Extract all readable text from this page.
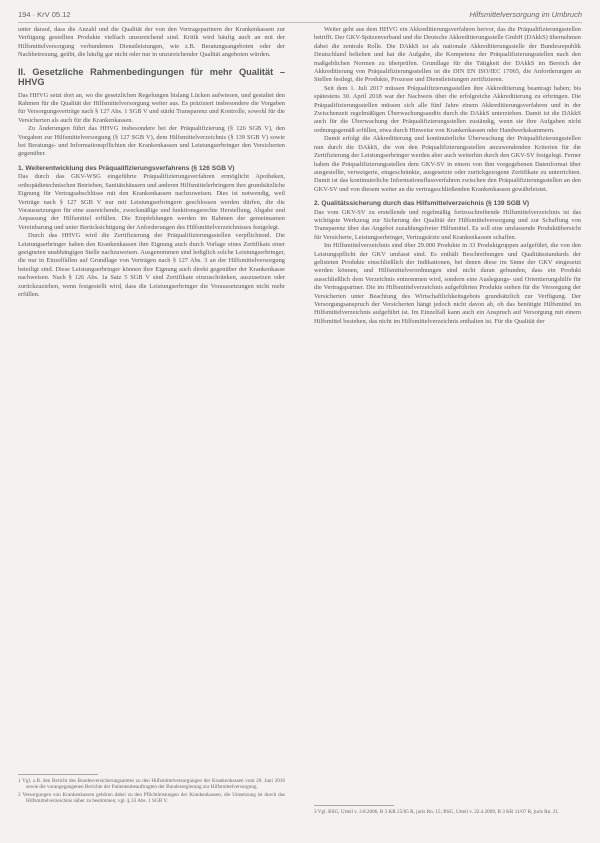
194 · KrV 05.12	Hilfsmittelversorgung im Umbruch

unter darauf, dass die Anzahl und die Qualität der von den Vertragspartnern der Krankenkassen zur Verfügung gestellten Produkte vielfach unzureichend sind. Kritik wird häufig auch an mit der Hilfsmittelversorgung verbundenen Dienstleistungen, wie z.B. Beratungsangeboten oder der Nachbetreuung, geübt, die häufig gar nicht oder nur in unzureichender Qualität angeboten würden.

II. Gesetzliche Rahmenbedingungen für mehr Qualität – HHVG

Das HHVG setzt dort an, wo die gesetzlichen Regelungen bislang Lücken aufwiesen, und gestaltet den Rahmen für die Qualität der Hilfsmittelversorgung weiter aus. Es präzisiert insbesondere die Vorgaben für Versorgungsverträge nach § 127 Abs. 1 SGB V und stärkt Transparenz und Kontrolle, sowohl für die Versicherten als auch für die Krankenkassen.

Zu Änderungen führt das HHVG insbesondere bei der Präqualifizierung (§ 126 SGB V), den Vorgaben zur Hilfsmittelversorgung (§ 127 SGB V), dem Hilfsmittelverzeichnis (§ 139 SGB V) sowie bei Beratungs- und Informationspflichten der Krankenkassen und Leistungserbringer den Versicherten gegenüber.

1. Weiterentwicklung des Präqualifizierungsverfahrens (§ 126 SGB V)

Das durch das GKV-WSG eingeführte Präqualifizierungsverfahren ermöglicht Apotheken, orthopädietechnischen Betrieben, Sanitätshäusern und anderen Hilfsmittelerbringern ihre grundsätzliche Eignung für Vertragsabschlüsse mit den Krankenkassen nachzuweisen. Dies ist notwendig, weil Verträge nach § 127 SGB V nur mit Leistungserbringern geschlossen werden dürfen, die die Voraussetzungen für eine ausreichende, zweckmäßige und funktionsgerechte Herstellung, Abgabe und Anpassung der Hilfsmittel erfüllen. Die Empfehlungen werden im Rahmen der gemeinsamen Vereinbarung und unter Berücksichtigung der Anforderungen des Hilfsmittelverzeichnisses festgelegt.

Durch das HHVG wird die Zertifizierung der Präqualifizierungsstellen verpflichtend. Die Leistungserbringer haben den Krankenkassen ihre Eignung auch durch Vorlage eines Zertifikats einer geeigneten unabhängigen Stelle nachzuweisen. Ausgenommen sind lediglich solche Leistungserbringer, die nur in Einzelfällen auf Grundlage von Verträgen nach § 127 Abs. 3 an der Hilfsmittelversorgung beteiligt sind. Diese Leistungserbringer können ihre Eignung auch direkt gegenüber der Krankenkasse nachweisen. Nach § 126 Abs. 1a Satz 5 SGB V sind Zertifikate einzuschränken, auszusetzen oder zurückzuziehen, wenn festgestellt wird, dass die Leistungserbringer die Voraussetzungen nicht mehr erfüllen.

Weiter geht aus dem HHVG ein Akkreditierungsverfahren hervor, das die Präqualifizierungsstellen betrifft. Der GKV-Spitzenverband und die Deutsche Akkreditierungsstelle GmbH (DAkkS) übernehmen dabei die zentrale Rolle. Die DAkkS ist als nationale Akkreditierungsstelle der Bundesrepublik Deutschland beliehen und hat die Aufgabe, die Kompetenz der Präqualifizierungsstellen nach den maßgeblichen Normen zu überprüfen. Grundlage für die Tätigkeit der DAkkS im Bereich der Akkreditierung von Präqualifizierungsstellen ist die DIN EN ISO/IEC 17065, die Anforderungen an Stellen festlegt, die Produkte, Prozesse und Dienstleistungen zertifizieren.

Seit dem 1. Juli 2017 müssen Präqualifizierungsstellen ihre Akkreditierung beantragt haben; bis spätestens 30. April 2018 war der Nachweis über die erfolgreiche Akkreditierung zu erbringen. Die Präqualifizierungsstellen müssen sich alle fünf Jahre einem Akkreditierungsverfahren und in der Zwischenzeit regelmäßigen Überwachungsaudits durch die DAkkS unterziehen. Damit ist die DAkkS auch für die Überwachung der Präqualifizierungsstellen zuständig, wenn sie ihre Aufgaben nicht ordnungsgemäß erfüllen, etwa durch Hinweise von Krankenkassen oder Handwerkskammern.

Damit erfolgt die Akkreditierung und kontinuierliche Überwachung der Präqualifizierungsstellen nun durch die DAkkS, die von den Präqualifizierungsstellen anzuwendenden Kriterien für die Zertifizierung der Leistungserbringer werden aber auch weiterhin durch den GKV-SV festgelegt. Ferner haben die Präqualifizierungsstellen dem GKV-SV in einem von ihm vorgegebenen Datenformat über ausgestellte, verweigerte, eingeschränkte, ausgesetzte oder zurückgezogene Zertifikate zu unterrichten. Damit ist das kontinuierliche Informationsflussverfahren zwischen den Präqualifizierungsstellen an den GKV-SV und von diesem weiter an die vertragsschließenden Krankenkassen gewährleistet.

2. Qualitätssicherung durch das Hilfsmittelverzeichnis (§ 139 SGB V)

Das vom GKV-SV zu erstellende und regelmäßig fortzuschreibende Hilfsmittelverzeichnis ist das wichtigste Werkzeug zur Sicherung der Qualität der Hilfsmittelversorgung und zur Schaffung von Transparenz über das Angebot zuzahlungsfreier Hilfsmittel. Es soll eine umfassende Produktübersicht für Versicherte, Leistungserbringer, Vertragsärzte und Krankenkassen schaffen.

Im Hilfsmittelverzeichnis sind über 29.000 Produkte in 33 Produktgruppen aufgeführt, die von den Leistungspflicht der GKV umfasst sind. Es enthält Beschreibungen und Qualitätsstandards der gelisteten Produkte einschließlich der Indikationen, bei denen diese im Sinne der GKV eingesetzt werden können, und Hilfsmittelverordnungen sind nicht daran gebunden, dass ein Produkt ausschließlich dem Verzeichnis entnommen wird, sondern eine Auslegungs- und Orientierungshilfe für die Vertragspartner. Die im Hilfsmittelverzeichnis aufgeführten Produkte stehen für die Versorgung der Versicherten unter Beachtung des Wirtschaftlichkeitsgebots grundsätzlich zur Verfügung. Der Versorgungsanspruch der Versicherten hängt jedoch nicht davon ab, ob das benötigte Hilfsmittel im Hilfsmittelverzeichnis aufgeführt ist. Im Einzelfall kann auch ein Anspruch auf Versorgung mit einem Hilfsmittel bestehen, das nicht im Hilfsmittelverzeichnis enthalten ist. Für die Qualität der

1 Vgl. z.B. den Bericht des Bundesversicherungsamtes zu den Hilfsmittelversorgungen der Krankenkassen vom 20. Juni 2016 sowie die vorangegangenen Berichte der Patientenbeauftragten der Bundesregierung zur Hilfsmittelversorgung.

2 Versorgungen von Krankenkassen gehören dabei zu den Pflichtleistungen der Krankenkassen, die Umsetzung ist durch das Hilfsmittelverzeichnis näher zu bestimmen; vgl. § 33 Abs. 1 SGB V.

3 Vgl. BSG, Urteil v. 3.8.2006, B 3 KR 25/05 R, juris Rn. 15; BSG, Urteil v. 22.4.2009, B 3 KR 11/07 R, juris Rn. 21.
